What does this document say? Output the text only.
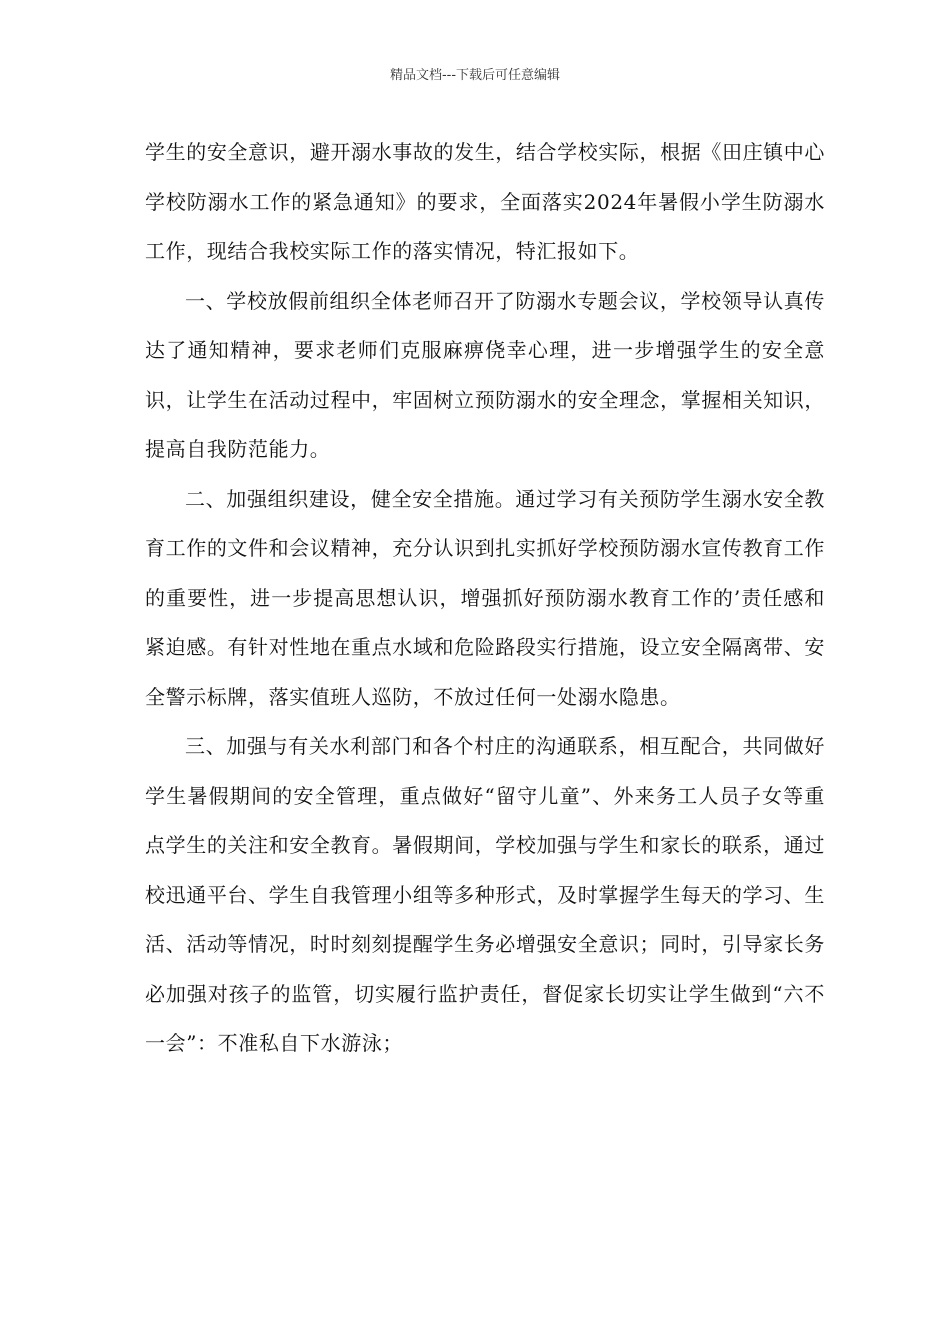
精品文档---下载后可任意编辑

学生的安全意识，避开溺水事故的发生，结合学校实际，根据《田庄镇中心学校防溺水工作的紧急通知》的要求，全面落实2024年暑假小学生防溺水工作，现结合我校实际工作的落实情况，特汇报如下。

一、学校放假前组织全体老师召开了防溺水专题会议，学校领导认真传达了通知精神，要求老师们克服麻痹侥幸心理，进一步增强学生的安全意识，让学生在活动过程中，牢固树立预防溺水的安全理念，掌握相关知识，提高自我防范能力。

二、加强组织建设，健全安全措施。通过学习有关预防学生溺水安全教育工作的文件和会议精神，充分认识到扎实抓好学校预防溺水宣传教育工作的重要性，进一步提高思想认识，增强抓好预防溺水教育工作的’责任感和紧迫感。有针对性地在重点水域和危险路段实行措施，设立安全隔离带、安全警示标牌，落实值班人巡防，不放过任何一处溺水隐患。

三、加强与有关水利部门和各个村庄的沟通联系，相互配合，共同做好学生暑假期间的安全管理，重点做好“留守儿童”、外来务工人员子女等重点学生的关注和安全教育。暑假期间，学校加强与学生和家长的联系，通过校迅通平台、学生自我管理小组等多种形式，及时掌握学生每天的学习、生活、活动等情况，时时刻刻提醒学生务必增强安全意识；同时，引导家长务必加强对孩子的监管，切实履行监护责任，督促家长切实让学生做到“六不一会”：不准私自下水游泳；
